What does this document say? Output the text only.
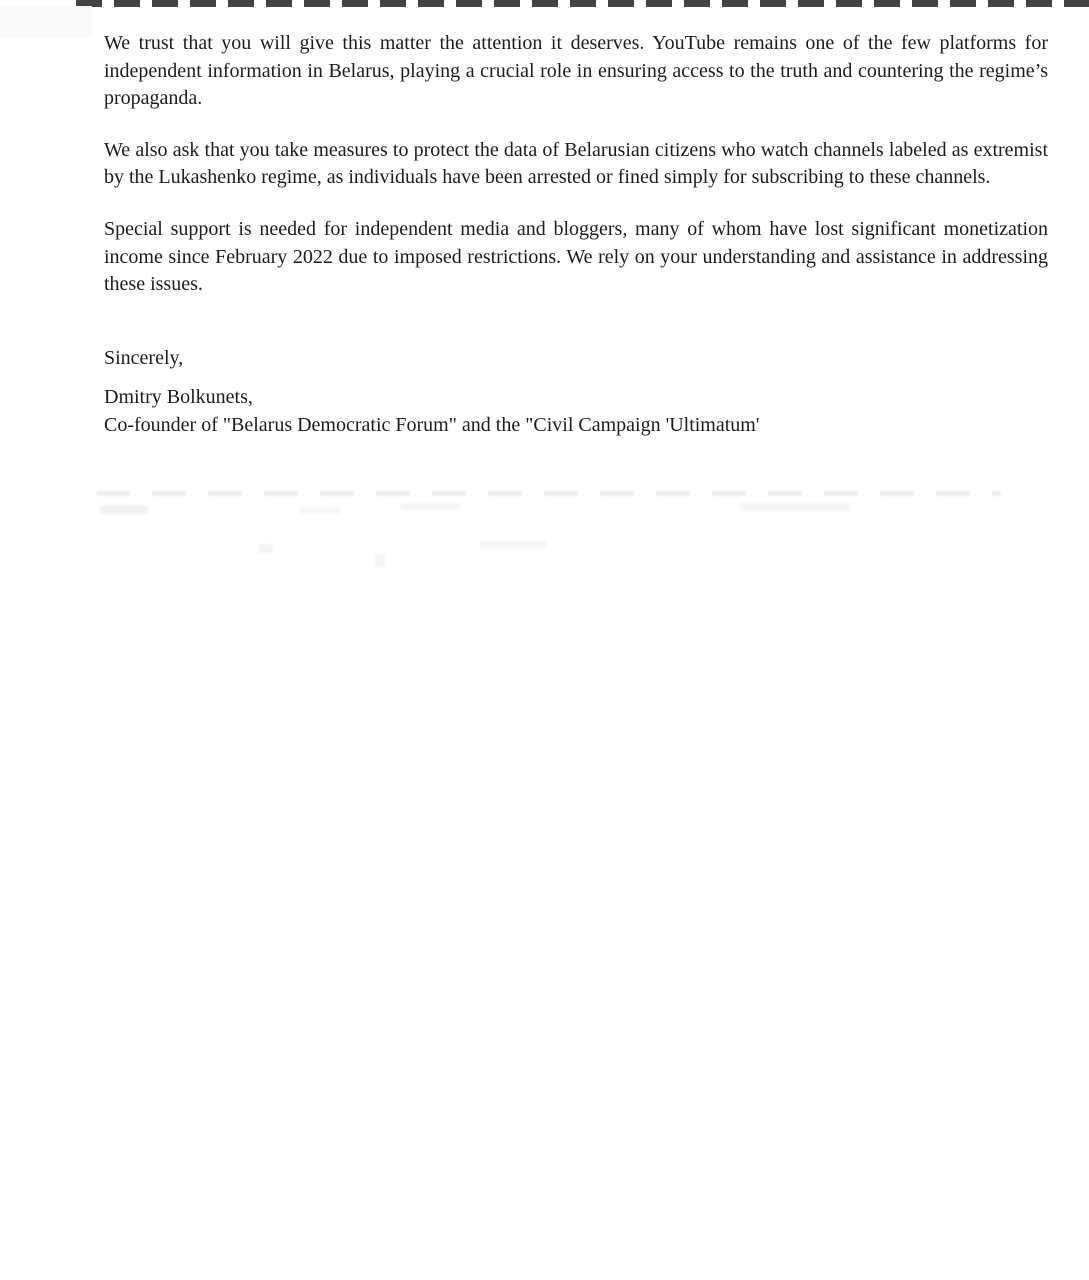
We trust that you will give this matter the attention it deserves. YouTube remains one of the few platforms for independent information in Belarus, playing a crucial role in ensuring access to the truth and countering the regime’s propaganda.

We also ask that you take measures to protect the data of Belarusian citizens who watch channels labeled as extremist by the Lukashenko regime, as individuals have been arrested or fined simply for subscribing to these channels.

Special support is needed for independent media and bloggers, many of whom have lost significant monetization income since February 2022 due to imposed restrictions. We rely on your understanding and assistance in addressing these issues.

Sincerely,

Dmitry Bolkunets,

Co-founder of "Belarus Democratic Forum" and the "Civil Campaign 'Ultimatum'
